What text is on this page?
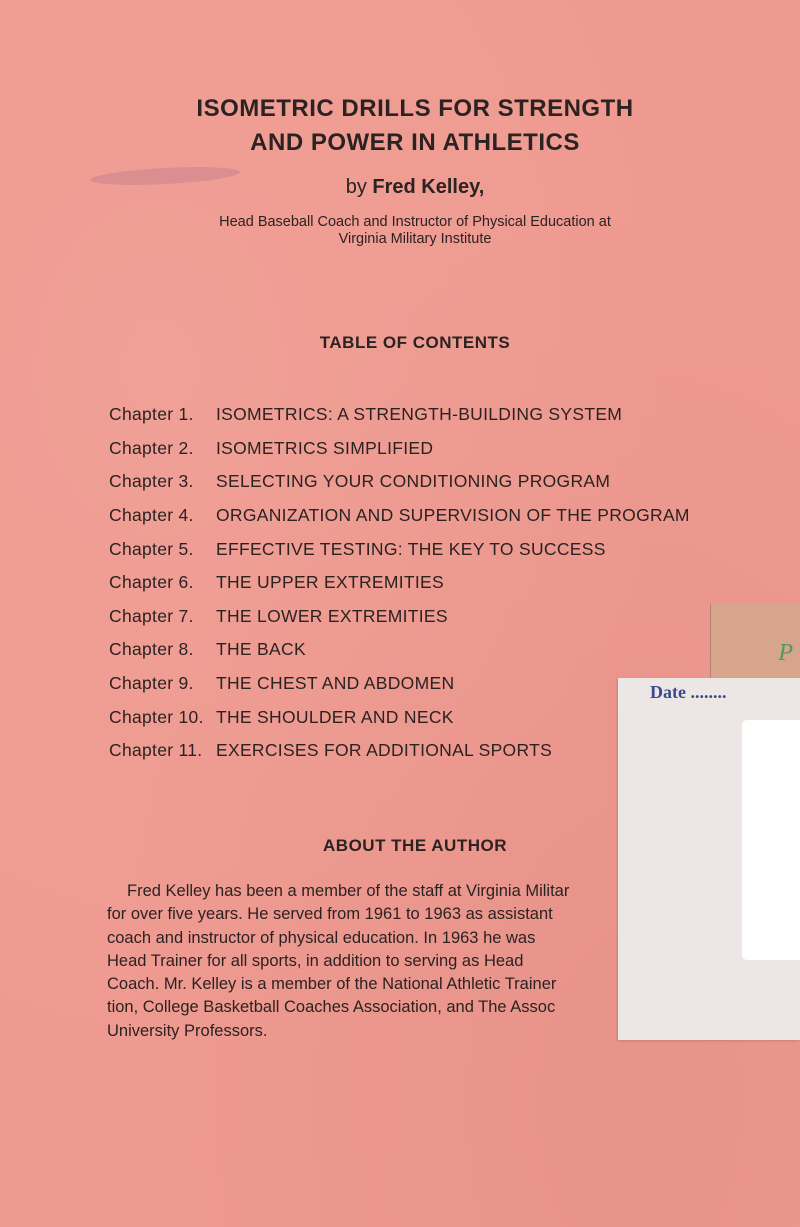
ISOMETRIC DRILLS FOR STRENGTH
AND POWER IN ATHLETICS
by Fred Kelley,
Head Baseball Coach and Instructor of Physical Education at
Virginia Military Institute
TABLE OF CONTENTS
Chapter 1.	ISOMETRICS: A STRENGTH-BUILDING SYSTEM
Chapter 2.	ISOMETRICS SIMPLIFIED
Chapter 3.	SELECTING YOUR CONDITIONING PROGRAM
Chapter 4.	ORGANIZATION AND SUPERVISION OF THE PROGRAM
Chapter 5.	EFFECTIVE TESTING: THE KEY TO SUCCESS
Chapter 6.	THE UPPER EXTREMITIES
Chapter 7.	THE LOWER EXTREMITIES
Chapter 8.	THE BACK
Chapter 9.	THE CHEST AND ABDOMEN
Chapter 10. THE SHOULDER AND NECK
Chapter 11. EXERCISES FOR ADDITIONAL SPORTS
ABOUT THE AUTHOR
Fred Kelley has been a member of the staff at Virginia Militar
for over five years. He served from 1961 to 1963 as assistant
coach and instructor of physical education. In 1963 he was
Head Trainer for all sports, in addition to serving as Head
Coach. Mr. Kelley is a member of the National Athletic Trainer
tion, College Basketball Coaches Association, and The Assoc
University Professors.
P
Date ........
